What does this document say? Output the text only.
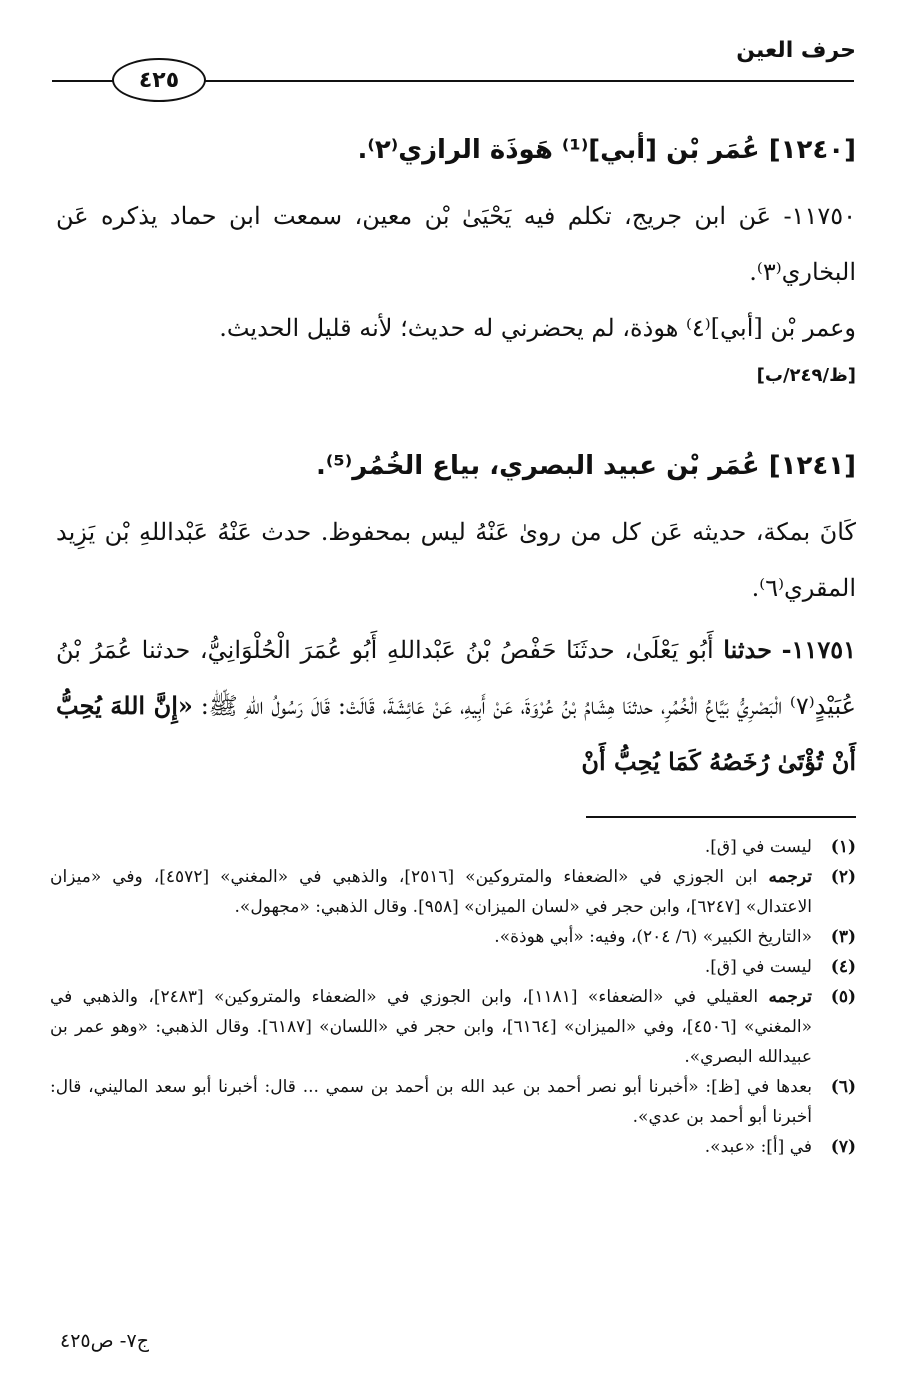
حرف العين
٤٢٥
[١٢٤٠] عُمَر بْن [أبي]⁽¹⁾ هَوذَة الرازي⁽٢⁾.
١١٧٥٠- عَن ابن جريج، تكلم فيه يَحْيَىٰ بْن معين، سمعت ابن حماد يذكره عَن البخاري⁽٣⁾.
وعمر بْن [أبي]⁽٤⁾ هوذة، لم يحضرني له حديث؛ لأنه قليل الحديث.
[ظ/٢٤٩/ب]
[١٢٤١] عُمَر بْن عبيد البصري، بياع الخُمُر⁽⁵⁾.
كَانَ بمكة، حديثه عَن كل من روىٰ عَنْهُ ليس بمحفوظ. حدث عَنْهُ عَبْداللهِ بْن يَزِيد المقري⁽٦⁾.
١١٧٥١- حدثنا أَبُو يَعْلَىٰ، حدثَنَا حَفْصُ بْنُ عَبْداللهِ أَبُو عُمَرَ الْحُلْوَانِيُّ، حدثنا عُمَرُ بْنُ عُبَيْدٍ⁽٧⁾ الْبَصْرِيُّ بَيَّاعُ الْخُمُرِ، حدثنَا هِشَامُ بْنُ عُرْوَةَ، عَنْ أَبِيهِ، عَنْ عَائِشَةَ، قَالَتْ: قَالَ رَسُولُ اللهِ ﷺ: «إِنَّ اللهَ يُحِبُّ أَنْ تُؤْتَىٰ رُخَصُهُ كَمَا يُحِبُّ أَنْ
(١)
ليست في [ق].
(٢)
ترجمه ابن الجوزي في «الضعفاء والمتروكين» [٢٥١٦]، والذهبي في «المغني» [٤٥٧٢]، وفي «ميزان الاعتدال» [٦٢٤٧]، وابن حجر في «لسان الميزان» [٩٥٨]. وقال الذهبي: «مجهول».
(٣)
«التاريخ الكبير» (٦/ ٢٠٤)، وفيه: «أبي هوذة».
(٤)
ليست في [ق].
(٥)
ترجمه العقيلي في «الضعفاء» [١١٨١]، وابن الجوزي في «الضعفاء والمتروكين» [٢٤٨٣]، والذهبي في «المغني» [٤٥٠٦]، وفي «الميزان» [٦١٦٤]، وابن حجر في «اللسان» [٦١٨٧]. وقال الذهبي: «وهو عمر بن عبيدالله البصري».
(٦)
بعدها في [ظ]: «أخبرنا أبو نصر أحمد بن عبد الله بن أحمد بن سمي ... قال: أخبرنا أبو سعد الماليني، قال: أخبرنا أبو أحمد بن عدي».
(٧)
في [أ]: «عبد».
ج٧- ص٤٢٥
